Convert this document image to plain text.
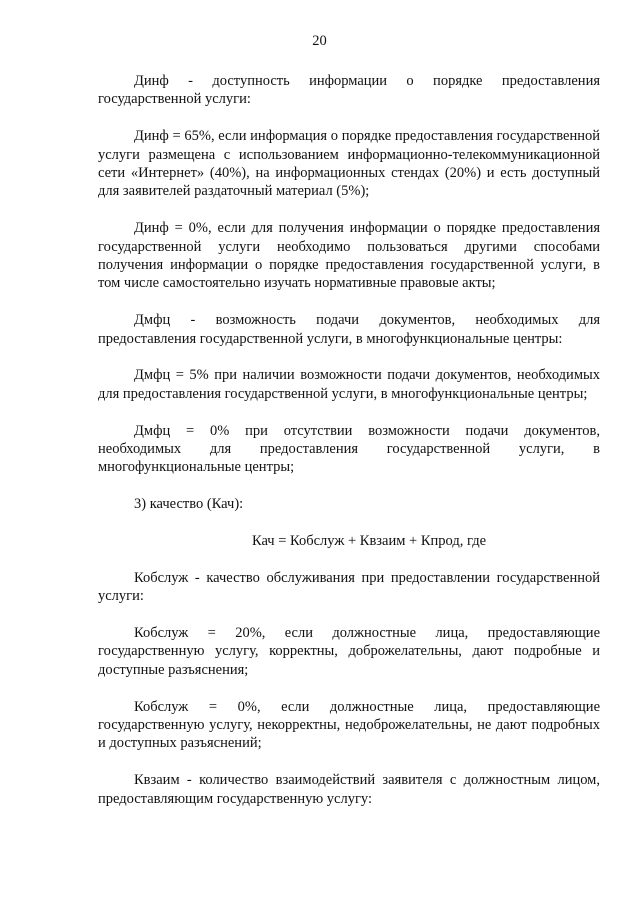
20

Динф - доступность информации о порядке предоставления государственной услуги:

Динф = 65%, если информация о порядке предоставления государственной услуги размещена с использованием информационно-телекоммуникационной сети «Интернет» (40%), на информационных стендах (20%) и есть доступный для заявителей раздаточный материал (5%);

Динф = 0%, если для получения информации о порядке предоставления государственной услуги необходимо пользоваться другими способами получения информации о порядке предоставления государственной услуги, в том числе самостоятельно изучать нормативные правовые акты;

Дмфц - возможность подачи документов, необходимых для предоставления государственной услуги, в многофункциональные центры:

Дмфц = 5% при наличии возможности подачи документов, необходимых для предоставления государственной услуги, в многофункциональные центры;

Дмфц = 0% при отсутствии возможности подачи документов, необходимых для предоставления государственной услуги, в многофункциональные центры;

3) качество (Кач):

Кач = Кобслуж + Квзаим + Кпрод, где

Кобслуж - качество обслуживания при предоставлении государственной услуги:

Кобслуж = 20%, если должностные лица, предоставляющие государственную услугу, корректны, доброжелательны, дают подробные и доступные разъяснения;

Кобслуж = 0%, если должностные лица, предоставляющие государственную услугу, некорректны, недоброжелательны, не дают подробных и доступных разъяснений;

Квзаим - количество взаимодействий заявителя с должностным лицом, предоставляющим государственную услугу:
